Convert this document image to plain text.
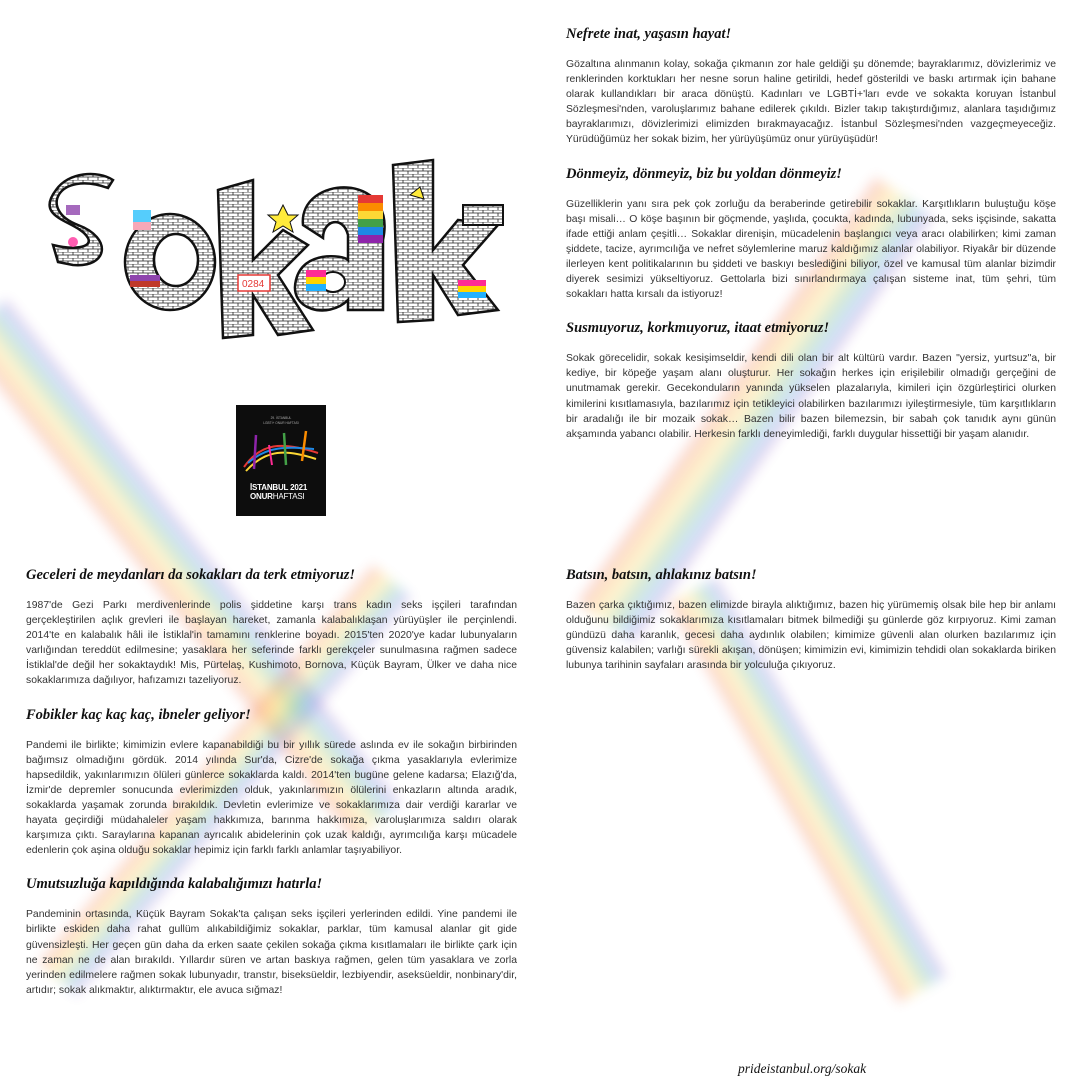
0284
29. İSTANBUL
LGBTİ+ ONUR HAFTASI
İSTANBUL 2021
ONURHAFTASI
Nefrete inat, yaşasın hayat!

Gözaltına alınmanın kolay, sokağa çıkmanın zor hale geldiği şu dönemde; bayraklarımız, dövizlerimiz ve renklerinden korktukları her nesne sorun haline getirildi, hedef gösterildi ve baskı artırmak için bahane olarak kullandıkları bir araca dönüştü. Kadınları ve LGBTİ+'ları evde ve sokakta koruyan İstanbul Sözleşmesi'nden, varoluşlarımız bahane edilerek çıkıldı. Bizler takıp takıştırdığımız, alanlara taşıdığımız bayraklarımızı, dövizlerimizi elimizden bırakmayacağız. İstanbul Sözleşmesi'nden vazgeçmeyeceğiz. Yürüdüğümüz her sokak bizim, her yürüyüşümüz onur yürüyüşüdür!

Dönmeyiz, dönmeyiz, biz bu yoldan dönmeyiz!

Güzelliklerin yanı sıra pek çok zorluğu da beraberinde getirebilir sokaklar. Karşıtlıkların buluştuğu köşe başı misali… O köşe başının bir göçmende, yaşlıda, çocukta, kadında, lubunyada, seks işçisinde, sakatta ifade ettiği anlam çeşitli… Sokaklar direnişin, mücadelenin başlangıcı veya aracı olabilirken; kimi zaman şiddete, tacize, ayrımcılığa ve nefret söylemlerine maruz kaldığımız alanlar olabiliyor. Riyakâr bir düzende ilerleyen kent politikalarının bu şiddeti ve baskıyı beslediğini biliyor, özel ve kamusal tüm alanlar bizimdir diyerek sesimizi yükseltiyoruz. Gettolarla bizi sınırlandırmaya çalışan sisteme inat, tüm şehri, tüm sokakları hatta kırsalı da istiyoruz!

Susmuyoruz, korkmuyoruz, itaat etmiyoruz!

Sokak görecelidir, sokak kesişimseldir, kendi dili olan bir alt kültürü vardır. Bazen "yersiz, yurtsuz"a, bir kediye, bir köpeğe yaşam alanı oluşturur. Her sokağın herkes için erişilebilir olmadığı gerçeğini de unutmamak gerekir. Gecekonduların yanında yükselen plazalarıyla, kimileri için özgürleştirici olurken kimilerini kısıtlamasıyla, bazılarımız için tetikleyici olabilirken bazılarımızı iyileştirmesiyle, tüm karşıtlıkların bir aradalığı ile bir mozaik sokak… Bazen bilir bazen bilemezsin, bir sabah çok tanıdık aynı günün akşamında yabancı olabilir. Herkesin farklı deneyimlediği, farklı duygular hissettiği bir yaşam alanıdır.

Geceleri de meydanları da sokakları da terk etmiyoruz!

1987'de Gezi Parkı merdivenlerinde polis şiddetine karşı trans kadın seks işçileri tarafından gerçekleştirilen açlık grevleri ile başlayan hareket, zamanla kalabalıklaşan yürüyüşler ile perçinlendi. 2014'te en kalabalık hâli ile İstiklal'in tamamını renklerine boyadı. 2015'ten 2020'ye kadar lubunyaların varlığından tereddüt edilmesine; yasaklara her seferinde farklı gerekçeler sunulmasına rağmen sadece İstiklal'de değil her sokaktaydık! Mis, Pürtelaş, Kushimoto, Bornova, Küçük Bayram, Ülker ve daha nice sokaklarımıza dağılıyor, hafızamızı tazeliyoruz.

Fobikler kaç kaç kaç, ibneler geliyor!

Pandemi ile birlikte; kimimizin evlere kapanabildiği bu bir yıllık sürede aslında ev ile sokağın birbirinden bağımsız olmadığını gördük. 2014 yılında Sur'da, Cizre'de sokağa çıkma yasaklarıyla evlerimize hapsedildik, yakınlarımızın ölüleri günlerce sokaklarda kaldı. 2014'ten bugüne gelene kadarsa; Elazığ'da, İzmir'de depremler sonucunda evlerimizden olduk, yakınlarımızın ölülerini enkazların altında aradık, sokaklarda yaşamak zorunda bırakıldık. Devletin evlerimize ve sokaklarımıza dair verdiği kararlar ve hayata geçirdiği müdahaleler yaşam hakkımıza, barınma hakkımıza, varoluşlarımıza saldırı olarak karşımıza çıktı. Saraylarına kapanan ayrıcalık abidelerinin çok uzak kaldığı, ayrımcılığa karşı mücadele edenlerin çok aşina olduğu sokaklar hepimiz için farklı farklı anlamlar taşıyabiliyor.

Umutsuzluğa kapıldığında kalabalığımızı hatırla!

Pandeminin ortasında, Küçük Bayram Sokak'ta çalışan seks işçileri yerlerinden edildi. Yine pandemi ile birlikte eskiden daha rahat gullüm alıkabildiğimiz sokaklar, parklar, tüm kamusal alanlar git gide güvensizleşti. Her geçen gün daha da erken saate çekilen sokağa çıkma kısıtlamaları ile birlikte çark için ne zaman ne de alan bırakıldı. Yıllardır süren ve artan baskıya rağmen, gelen tüm yasaklara ve zorla yerinden edilmelere rağmen sokak lubunyadır, transtır, biseksüeldir, lezbiyendir, aseksüeldir, nonbinary'dir, artıdır; sokak alıkmaktır, alıktırmaktır, ele avuca sığmaz!

Batsın, batsın, ahlakınız batsın!

Bazen çarka çıktığımız, bazen elimizde birayla alıktığımız, bazen hiç yürümemiş olsak bile hep bir anlamı olduğunu bildiğimiz sokaklarımıza kısıtlamaları bitmek bilmediği şu günlerde göz kırpıyoruz. Kimi zaman gündüzü daha karanlık, gecesi daha aydınlık olabilen; kimimize güvenli alan olurken bazılarımız için güvensiz kalabilen; varlığı sürekli akışan, dönüşen; kimimizin evi, kimimizin tehdidi olan sokaklarda biriken lubunya tarihinin sayfaları arasında bir yolculuğa çıkıyoruz.

prideistanbul.org/sokak
